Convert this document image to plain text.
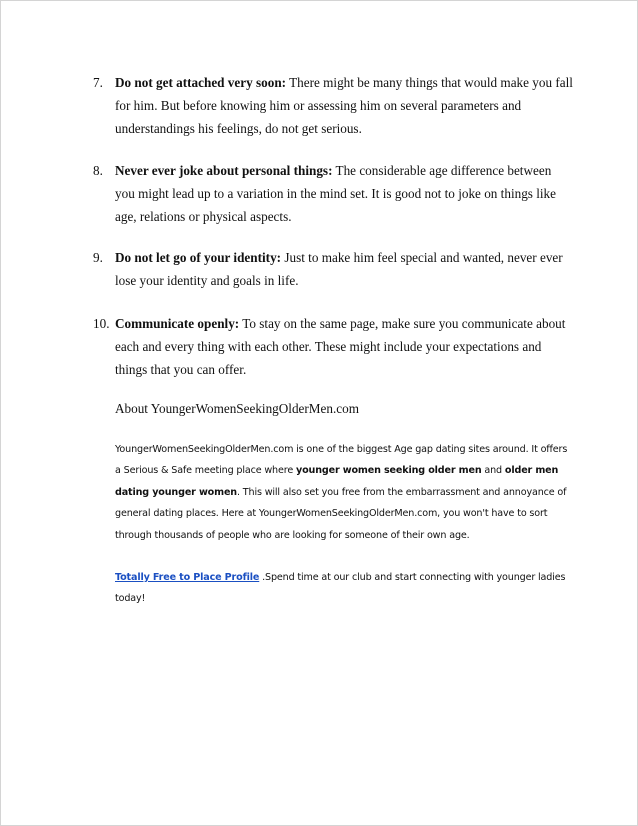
7. Do not get attached very soon: There might be many things that would make you fall for him. But before knowing him or assessing him on several parameters and understandings his feelings, do not get serious.
8. Never ever joke about personal things: The considerable age difference between you might lead up to a variation in the mind set. It is good not to joke on things like age, relations or physical aspects.
9. Do not let go of your identity: Just to make him feel special and wanted, never ever lose your identity and goals in life.
10. Communicate openly: To stay on the same page, make sure you communicate about each and every thing with each other. These might include your expectations and things that you can offer.
About YoungerWomenSeekingOlderMen.com
YoungerWomenSeekingOlderMen.com is one of the biggest Age gap dating sites around. It offers a Serious & Safe meeting place where younger women seeking older men and older men dating younger women. This will also set you free from the embarrassment and annoyance of general dating places. Here at YoungerWomenSeekingOlderMen.com, you won't have to sort through thousands of people who are looking for someone of their own age.
Totally Free to Place Profile .Spend time at our club and start connecting with younger ladies today!
